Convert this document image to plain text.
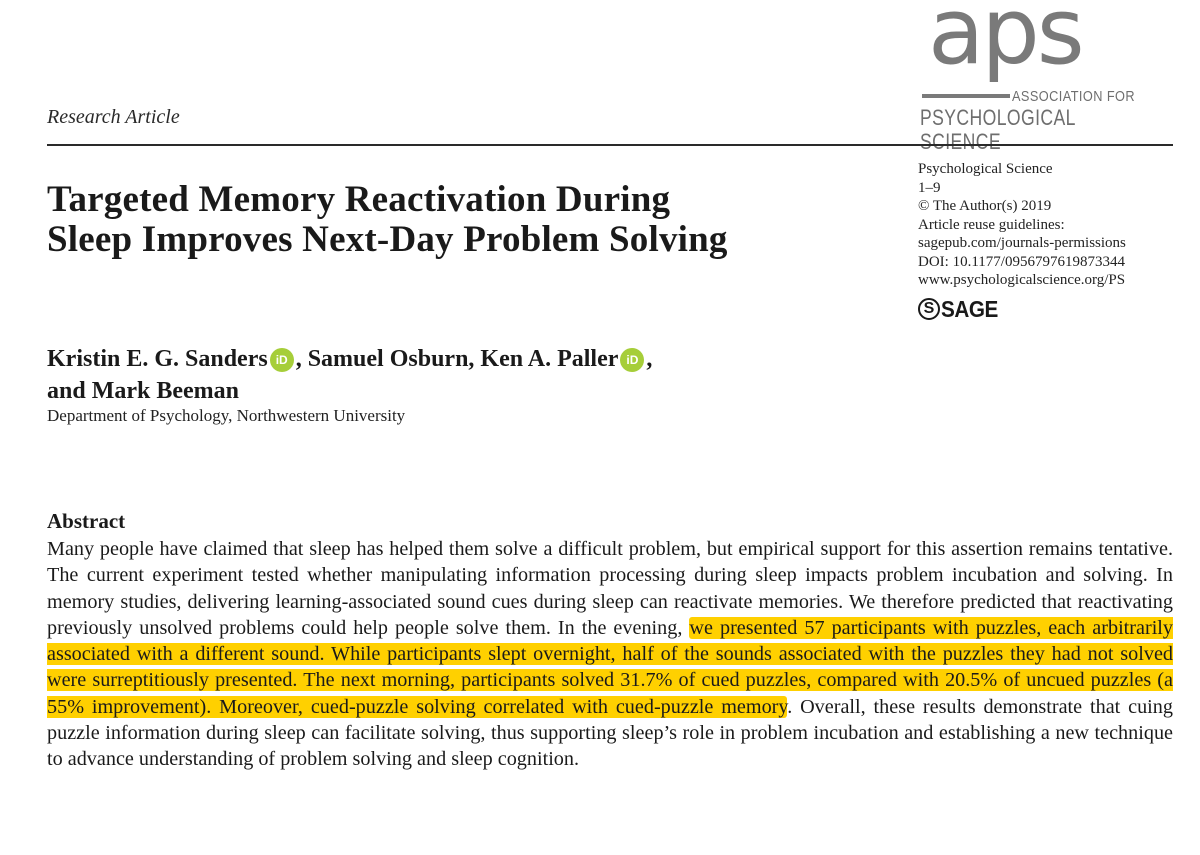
aps
ASSOCIATION FOR
PSYCHOLOGICAL SCIENCE
Research Article
Targeted Memory Reactivation During
Sleep Improves Next-Day Problem Solving
Psychological Science
1–9
© The Author(s) 2019
Article reuse guidelines:
sagepub.com/journals-permissions
DOI: 10.1177/0956797619873344
www.psychologicalscience.org/PS
S SAGE
Kristin E. G. Sanders iD , Samuel Osburn, Ken A. Paller iD ,
and Mark Beeman
Department of Psychology, Northwestern University
Abstract

Many people have claimed that sleep has helped them solve a difficult problem, but empirical support for this assertion remains tentative. The current experiment tested whether manipulating information processing during sleep impacts problem incubation and solving. In memory studies, delivering learning-associated sound cues during sleep can reactivate memories. We therefore predicted that reactivating previously unsolved problems could help people solve them. In the evening, we presented 57 participants with puzzles, each arbitrarily associated with a different sound. While participants slept overnight, half of the sounds associated with the puzzles they had not solved were surreptitiously presented. The next morning, participants solved 31.7% of cued puzzles, compared with 20.5% of uncued puzzles (a 55% improvement). Moreover, cued-puzzle solving correlated with cued-puzzle memory. Overall, these results demonstrate that cuing puzzle information during sleep can facilitate solving, thus supporting sleep’s role in problem incubation and establishing a new technique to advance understanding of problem solving and sleep cognition.
